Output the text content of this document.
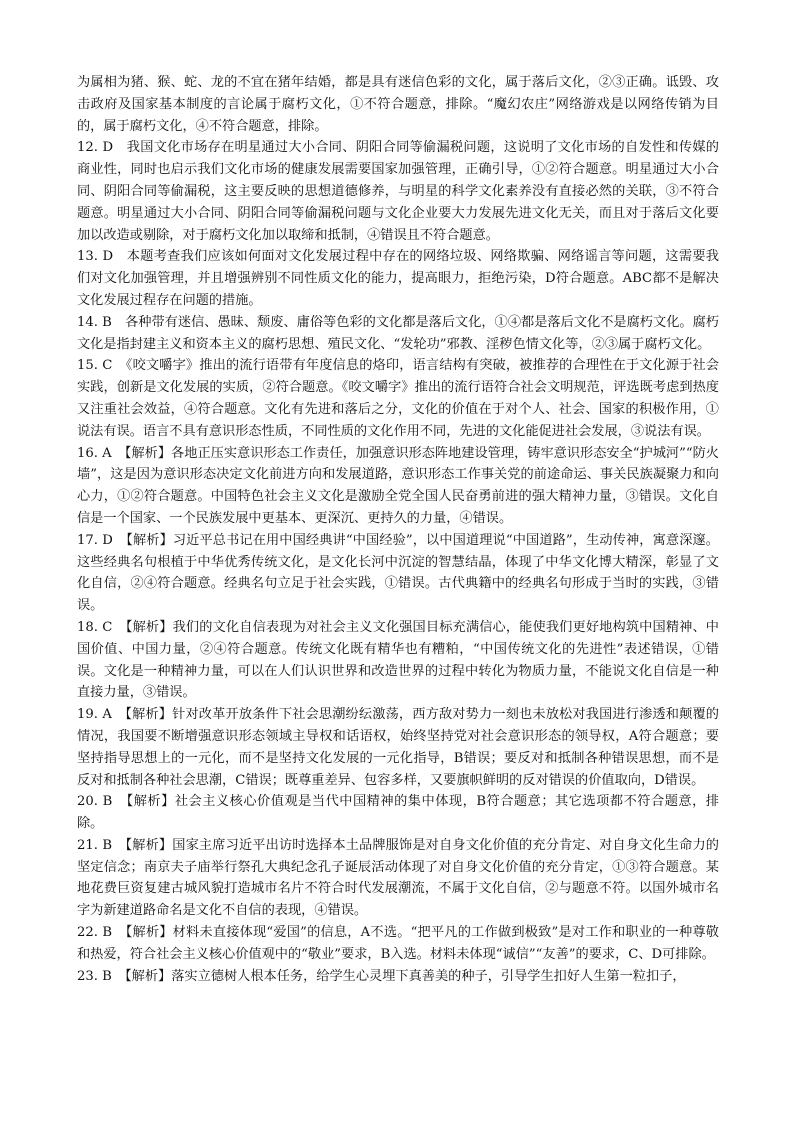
为属相为猪、猴、蛇、龙的不宜在猪年结婚，都是具有迷信色彩的文化，属于落后文化，②③正确。诋毁、攻击政府及国家基本制度的言论属于腐朽文化，①不符合题意，排除。“魔幻农庄”网络游戏是以网络传销为目的，属于腐朽文化，④不符合题意，排除。

12. D　我国文化市场存在明星通过大小合同、阴阳合同等偷漏税问题，这说明了文化市场的自发性和传媒的商业性，同时也启示我们文化市场的健康发展需要国家加强管理，正确引导，①②符合题意。明星通过大小合同、阴阳合同等偷漏税，这主要反映的思想道德修养，与明星的科学文化素养没有直接必然的关联，③不符合题意。明星通过大小合同、阴阳合同等偷漏税问题与文化企业要大力发展先进文化无关，而且对于落后文化要加以改造或剔除，对于腐朽文化加以取缔和抵制，④错误且不符合题意。

13. D　本题考查我们应该如何面对文化发展过程中存在的网络垃圾、网络欺骗、网络谣言等问题，这需要我们对文化加强管理，并且增强辨别不同性质文化的能力，提高眼力，拒绝污染，D符合题意。ABC都不是解决文化发展过程存在问题的措施。

14. B　各种带有迷信、愚昧、颓废、庸俗等色彩的文化都是落后文化，①④都是落后文化不是腐朽文化。腐朽文化是指封建主义和资本主义的腐朽思想、殖民文化、“发轮功”邪教、淫秽色情文化等，②③属于腐朽文化。

15. C　《咬文嚼字》推出的流行语带有年度信息的烙印，语言结构有突破，被推荐的合理性在于文化源于社会实践，创新是文化发展的实质，②符合题意。《咬文嚼字》推出的流行语符合社会文明规范，评选既考虑到热度又注重社会效益，④符合题意。文化有先进和落后之分，文化的价值在于对个人、社会、国家的积极作用，①说法有误。语言不具有意识形态性质，不同性质的文化作用不同，先进的文化能促进社会发展，③说法有误。

16. A　【解析】各地正压实意识形态工作责任，加强意识形态阵地建设管理，铸牢意识形态安全“护城河”“防火墙”，这是因为意识形态决定文化前进方向和发展道路，意识形态工作事关党的前途命运、事关民族凝聚力和向心力，①②符合题意。中国特色社会主义文化是激励全党全国人民奋勇前进的强大精神力量，③错误。文化自信是一个国家、一个民族发展中更基本、更深沉、更持久的力量，④错误。

17. D　【解析】习近平总书记在用中国经典讲“中国经验”，以中国道理说“中国道路”，生动传神，寓意深邃。这些经典名句根植于中华优秀传统文化，是文化长河中沉淀的智慧结晶，体现了中华文化博大精深，彰显了文化自信，②④符合题意。经典名句立足于社会实践，①错误。古代典籍中的经典名句形成于当时的实践，③错误。

18. C　【解析】我们的文化自信表现为对社会主义文化强国目标充满信心，能使我们更好地构筑中国精神、中国价值、中国力量，②④符合题意。传统文化既有精华也有糟粕，“中国传统文化的先进性”表述错误，①错误。文化是一种精神力量，可以在人们认识世界和改造世界的过程中转化为物质力量，不能说文化自信是一种直接力量，③错误。

19. A　【解析】针对改革开放条件下社会思潮纷纭激荡，西方敌对势力一刻也未放松对我国进行渗透和颠覆的情况，我国要不断增强意识形态领域主导权和话语权，始终坚持党对社会意识形态的领导权，A符合题意；要坚持指导思想上的一元化，而不是坚持文化发展的一元化指导，B错误；要反对和抵制各种错误思想，而不是反对和抵制各种社会思潮，C错误；既尊重差异、包容多样，又要旗帜鲜明的反对错误的价值取向，D错误。

20. B　【解析】社会主义核心价值观是当代中国精神的集中体现，B符合题意；其它选项都不符合题意，排除。

21. B　【解析】国家主席习近平出访时选择本土品牌服饰是对自身文化价值的充分肯定、对自身文化生命力的坚定信念；南京夫子庙举行祭孔大典纪念孔子诞辰活动体现了对自身文化价值的充分肯定，①③符合题意。某地花费巨资复建古城风貌打造城市名片不符合时代发展潮流，不属于文化自信，②与题意不符。以国外城市名字为新建道路命名是文化不自信的表现，④错误。

22. B　【解析】材料未直接体现“爱国”的信息，A不选。“把平凡的工作做到极致”是对工作和职业的一种尊敬和热爱，符合社会主义核心价值观中的“敬业”要求，B入选。材料未体现“诚信”“友善”的要求，C、D可排除。

23. B　【解析】落实立德树人根本任务，给学生心灵埋下真善美的种子，引导学生扣好人生第一粒扣子，
